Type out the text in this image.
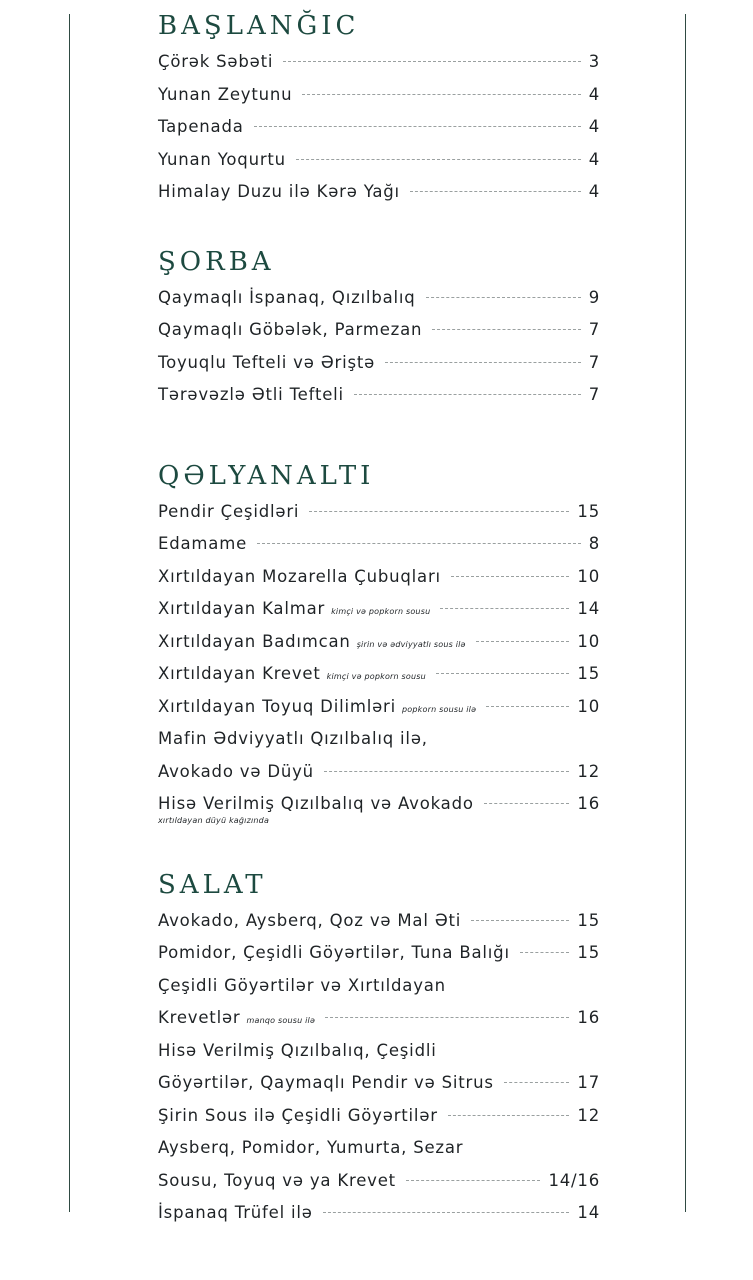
BAŞLANĞIC
Çörək Səbəti	3
Yunan Zeytunu	4
Tapenada	4
Yunan Yoqurtu	4
Himalay Duzu ilə Kərə Yağı	4
ŞORBA
Qaymaqlı İspanaq, Qızılbalıq	9
Qaymaqlı Göbələk, Parmezan	7
Toyuqlu Tefteli və Əriştə	7
Tərəvəzlə Ətli Tefteli	7
QƏLYANALTI
Pendir Çeşidləri	15
Edamame	8
Xırtıldayan Mozarella Çubuqları	10
Xırtıldayan Kalmar kimçi və popkorn sousu	14
Xırtıldayan Badımcan şirin və ədviyyatlı sous ilə	10
Xırtıldayan Krevet kimçi və popkorn sousu	15
Xırtıldayan Toyuq Dilimləri popkorn sousu ilə	10
Mafin Ədviyyatlı Qızılbalıq ilə,
Avokado və Düyü	12
Hisə Verilmiş Qızılbalıq və Avokado	16
xırtıldayan düyü kağızında
SALAT
Avokado, Aysberq, Qoz və Mal Əti	15
Pomidor, Çeşidli Göyərtilər, Tuna Balığı	15
Çeşidli Göyərtilər və Xırtıldayan
Krevetlər manqo sousu ilə	16
Hisə Verilmiş Qızılbalıq, Çeşidli
Göyərtilər, Qaymaqlı Pendir və Sitrus	17
Şirin Sous ilə Çeşidli Göyərtilər	12
Aysberq, Pomidor, Yumurta, Sezar
Sousu, Toyuq və ya Krevet	14/16
İspanaq Trüfel ilə	14
